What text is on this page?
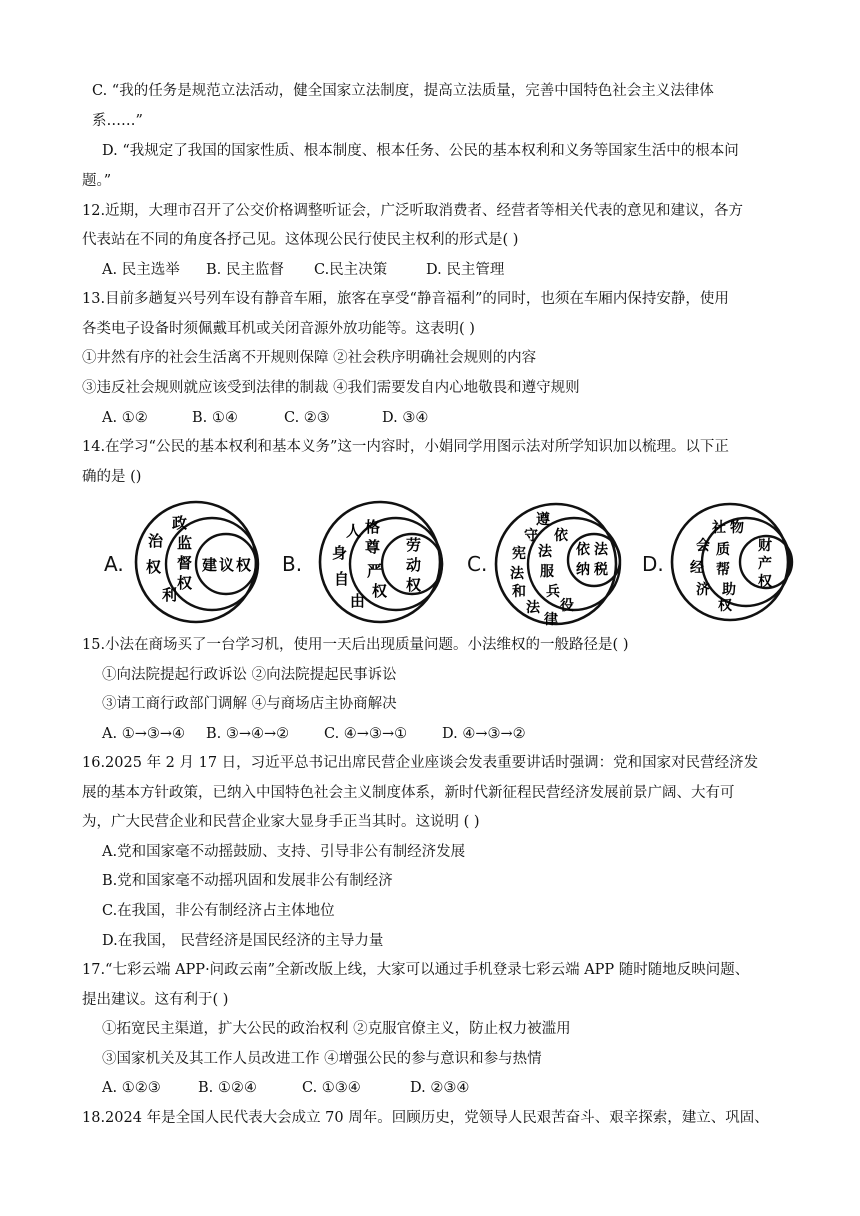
C. “我的任务是规范立法活动，健全国家立法制度，提高立法质量，完善中国特色社会主义法律体
系……”
D. “我规定了我国的国家性质、根本制度、根本任务、公民的基本权利和义务等国家生活中的根本问
题。”
12.近期，大理市召开了公交价格调整听证会，广泛听取消费者、经营者等相关代表的意见和建议，各方
代表站在不同的角度各抒己见。这体现公民行使民主权利的形式是( )
A. 民主选举 B. 民主监督 C.民主决策	D. 民主管理
13.目前多趟复兴号列车设有静音车厢，旅客在享受“静音福利”的同时，也须在车厢内保持安静，使用
各类电子设备时须佩戴耳机或关闭音源外放功能等。这表明( )
①井然有序的社会生活离不开规则保障 ②社会秩序明确社会规则的内容
③违反社会规则就应该受到法律的制裁 ④我们需要发自内心地敬畏和遵守规则
A. ①②	B. ①④	C. ②③	D. ③④
14.在学习“公民的基本权利和基本义务”这一内容时，小娟同学用图示法对所学知识加以梳理。以下正
确的是 ()
A.	B.	C.	D.
政
治
权
利
监
督
权
建 议 权
人
身
自
由
格
尊
严
权
劳
动
权
遵
守
宪
法
和
法
律
依
法
服
兵
役
依 法
纳 税
社
会
经
济
权
物
质
帮
助
财
产
权
15.小法在商场买了一台学习机，使用一天后出现质量问题。小法维权的一般路径是( )
①向法院提起行政诉讼 ②向法院提起民事诉讼
③请工商行政部门调解 ④与商场店主协商解决
A. ①→③→④ B. ③→④→② C. ④→③→① D. ④→③→②
16.2025 年 2 月 17 日，习近平总书记出席民营企业座谈会发表重要讲话时强调：党和国家对民营经济发
展的基本方针政策，已纳入中国特色社会主义制度体系，新时代新征程民营经济发展前景广阔、大有可
为，广大民营企业和民营企业家大显身手正当其时。这说明 ( )
A.党和国家毫不动摇鼓励、支持、引导非公有制经济发展
B.党和国家毫不动摇巩固和发展非公有制经济
C.在我国，非公有制经济占主体地位
D.在我国， 民营经济是国民经济的主导力量
17.“七彩云端 APP·问政云南”全新改版上线，大家可以通过手机登录七彩云端 APP 随时随地反映问题、
提出建议。这有利于( )
①拓宽民主渠道，扩大公民的政治权利 ②克服官僚主义，防止权力被滥用
③国家机关及其工作人员改进工作 ④增强公民的参与意识和参与热情
A. ①②③	B. ①②④	C. ①③④	D. ②③④
18.2024 年是全国人民代表大会成立 70 周年。回顾历史，党领导人民艰苦奋斗、艰辛探索，建立、巩固、
